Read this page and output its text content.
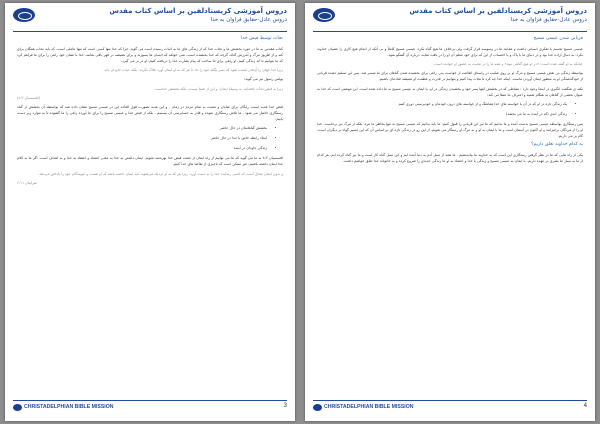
دروس آموزشی کریستادلفین بر اساس کتاب مقدس
دروس عادل-حقایق فراوان به خدا
نجات توسط فیض خدا
کتاب مقدس به ما در مورد بخشش ما و نجات خدا که از زندگی های ما به اثبات رسیده است می گوید. چرا که خدا تنها کسی است که تنها عاملی است، که باید نجات همگان برای کند و از طریق مرگ و آمرزش گناه، گرچه که خدا بخشنده است، نمی خواهد که انسان ها بسوزند و برای همیشه در قهر باقی بمانند. خدا با نشان خود راهی را برای ما فراهم کرد که ما بتوانیم تا ابد زندگی کنیم. او راهی برای ما ساخت که پیام بشارت خدا را دریافت کنیم، او در بر می گیرد.
زیرا خدا جهان را آن‌قدر محبت نمود که پسر یگانهٔ خود را داد تا هر که به او ایمان آورد هلاک نگردد، بلکه حیات جاودان یابد.
پولس رسول نیز می گوید:
زیرا به فیض نجات یافته‌اید، به وسیلهٔ ایمان؛ و این از شما نیست، بلکه بخشش خداست.
(افسسیان ۸:۲)
فیض خدا هدیه ایست رایگان برای شایان و محبت به تمام مردم در زمان . و این هدیه بصورت قول العاده این در عیسی مسیح نشان داده شد که بواسطه آن بخشش از گناه رستگاری حاصل می شود . ما تلاش رستگاری نموده و قادر به حسابرسی آن نیستیم . بلکه از فیض خدا و عیسی مسیح را برای ما آورده راهی را ما گشوده تا به موارد زیر دست یابیم:
• بخشش گناهانمان در حال حاضر
• ایجاد رابطه خاص با خدا در حال حاضر
• زندگی جاودان در آینده
افسسیان ۸:۲ به ما می گوید که ما می توانیم از راه ایمان از نعمت فیض خدا بهره‌مند شویم. ایمان داشتن به خدا به معنی اعتماد و اعتقاد به خدا و به اهداف است. اگر ما به کلام خدا ایمان داشته باشیم، غیر ممکن است که ناچیزی از تقاضا های خدا کنیم.
و بدون ایمان محال است که کسی رضایت خدا را به دست آورد، زیرا هر که به او نزدیک می‌شود، باید ایمان داشته باشد که او هست و جویندگان خود را پاداش می‌دهد.
عبرانیان ۶:۱۱
CHRISTADELPHIAN BIBLE MISSION	3
دروس آموزشی کریستادلفین بر اساس کتاب مقدس
دروس عادل-حقایق فراوان به خدا
قربانی شدن عیسی مسیح
عیسی مسیح تجسم یا تفکری انسانی داشت و همانند ما در وسوسه قرار گرفت ولی برخلاف ما هیچ گناه نکرد. عیسی مسیح کاملاً و بی آنکه از انجام هیچ کاری را عصیان خداوند نکرد، به دنبال اراده خدا بود و در دنیای ما با پاک و با احتساب از این که برای خود معلم آن او را در یافت نماید، درباره آن گفتگو نمود.
چنانکه به او گفته شده است: «در او هیچ گناهی نبود» و همه ما را در محبت به حضور او خوانده است.
بواسطه زندگی بی نقص عیسی مسیح و مرگ او بر روی صلیب در راستای اطاعت از خواست پدر، راهی برای بخشیده شدن گناهان برای ما میسر شد. پس این تسلیم دهنده قربانی از خودگذشتگی او به منظور ایمان آوردن ماست. اینکه خدا چه کرد تا نجات پیدا کنیم و بتوانیم در قدرت و عظمت او همیشه شادمان باشیم.
نکته ی شگفت انگیزی در اینجا وجود دارد : نشاطی که در بخشش انتها پسر خود و بخشیدن زندگی در او، با ایمان به عیسی مسیح به ما داده شده است. این موهبتی است که خدا به عنوان بخشی از گناهان به هنگام تعمید و اعتراف ما عطا می کند:
• یک زندگی تازه در او که در آن با خواسته های خدا هماهنگ و از خواسته های درون خودمان و خودپرستی دوری کنیم
• زندگی ابدی (که در آینده به ما می بخشد)
پس رستگاری بواسطه عیسی مسیح بدست آمده و ما بدانیم که ما نیز این قربانی را قبول کنیم. ما باید بدانیم که عیسی مسیح نه تنها بخاطر ما مرد، بلکه از مرگ نیز برخاست. خدا او را از مردگان برخیزانید و او اکنون در آسمان است و ما با ایمان به او و به مرگ او رستگار می شویم. از این رو در زندگی تازه ای بر اساس آن که این مسیر گواه بر دیگران است، گام بر می داریم.
به کدام خداوند تعلق داریم؟
یکی از راه هایی که ما در نظر گرفتن رستگاری این است که به خداوند ما بیاندیشیم . ما همه از نسل آدم به دنیا آمده ایم و این نسل گناه کار است و ما نیز گناه کرده ایم. هر کدام از ما به نسل ما بشری بر عهده داریم. با ایمان به عیسی مسیح و زندگی با خدا و اعتماد به او ما زندگی جدیدی را شروع کرده و به خانواده خدا تعلق خواهیم داشت.
CHRISTADELPHIAN BIBLE MISSION	4
